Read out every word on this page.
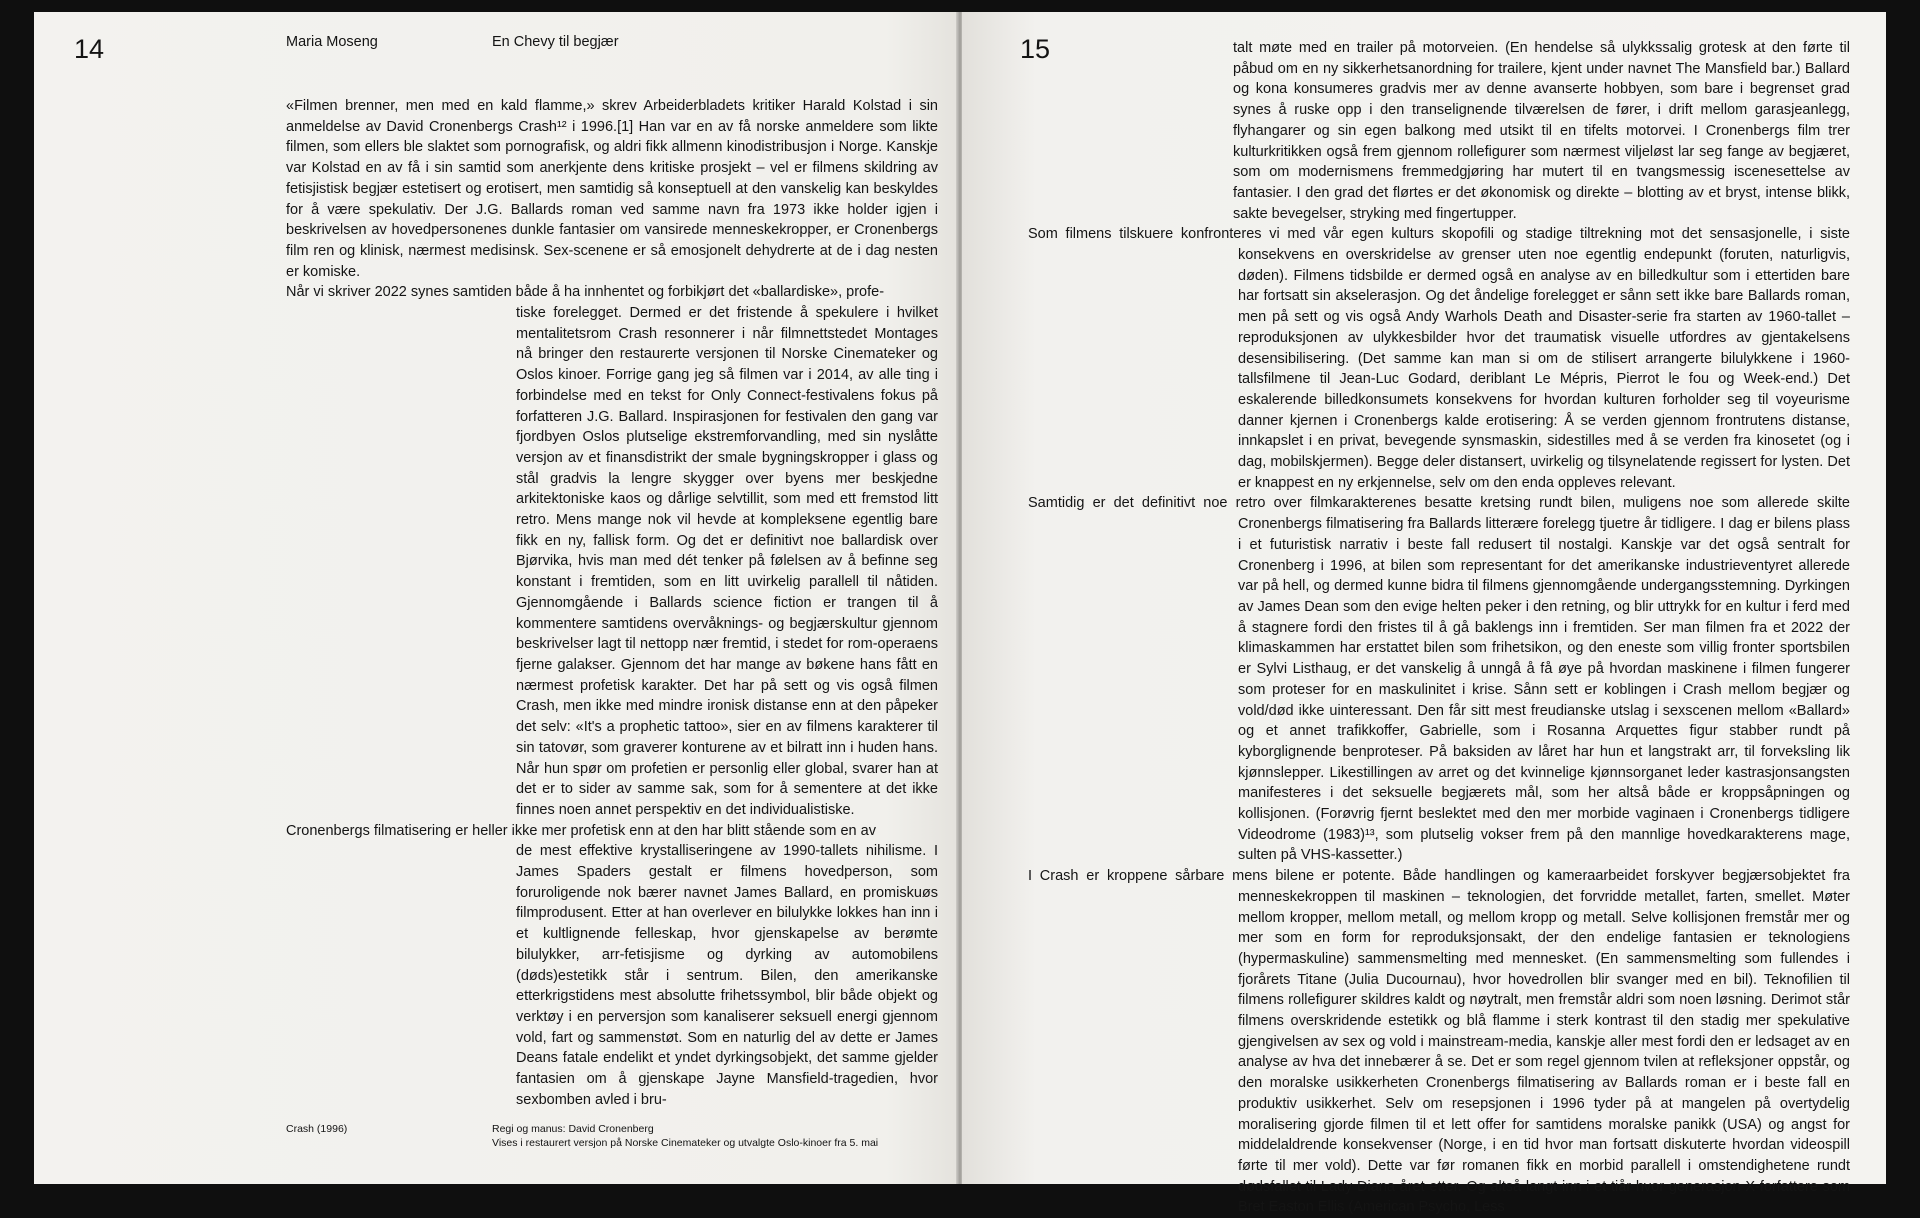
14	Maria Moseng	En Chevy til begjær

«Filmen brenner, men med en kald flamme,» skrev Arbeiderbladets kritiker Harald Kolstad i sin anmeldelse av David Cronenbergs Crash¹² i 1996.[1] Han var en av få norske anmeldere som likte filmen, som ellers ble slaktet som pornografisk, og aldri fikk allmenn kinodistribusjon i Norge. Kanskje var Kolstad en av få i sin samtid som anerkjente dens kritiske prosjekt – vel er filmens skildring av fetisjistisk begjær estetisert og erotisert, men samtidig så konseptuell at den vanskelig kan beskyldes for å være spekulativ. Der J.G. Ballards roman ved samme navn fra 1973 ikke holder igjen i beskrivelsen av hovedpersonenes dunkle fantasier om vansirede menneskekropper, er Cronenbergs film ren og klinisk, nærmest medisinsk. Sex-scenene er så emosjonelt dehydrerte at de i dag nesten er komiske.

Når vi skriver 2022 synes samtiden både å ha innhentet og forbikjørt det «ballardiske», profe-

tiske forelegget. Dermed er det fristende å spekulere i hvilket mentalitetsrom Crash resonnerer i når filmnettstedet Montages nå bringer den restaurerte versjonen til Norske Cinemateker og Oslos kinoer. Forrige gang jeg så filmen var i 2014, av alle ting i forbindelse med en tekst for Only Connect-festivalens fokus på forfatteren J.G. Ballard. Inspirasjonen for festivalen den gang var fjordbyen Oslos plutselige ekstremforvandling, med sin nyslåtte versjon av et finansdistrikt der smale bygningskropper i glass og stål gradvis la lengre skygger over byens mer beskjedne arkitektoniske kaos og dårlige selvtillit, som med ett fremstod litt retro. Mens mange nok vil hevde at kompleksene egentlig bare fikk en ny, fallisk form. Og det er definitivt noe ballardisk over Bjørvika, hvis man med dét tenker på følelsen av å befinne seg konstant i fremtiden, som en litt uvirkelig parallell til nåtiden. Gjennomgående i Ballards science fiction er trangen til å kommentere samtidens overvåknings- og begjærskultur gjennom beskrivelser lagt til nettopp nær fremtid, i stedet for rom-operaens fjerne galakser. Gjennom det har mange av bøkene hans fått en nærmest profetisk karakter. Det har på sett og vis også filmen Crash, men ikke med mindre ironisk distanse enn at den påpeker det selv: «It's a prophetic tattoo», sier en av filmens karakterer til sin tatovør, som graverer konturene av et bilratt inn i huden hans. Når hun spør om profetien er personlig eller global, svarer han at det er to sider av samme sak, som for å sementere at det ikke finnes noen annet perspektiv en det individualistiske.

Cronenbergs filmatisering er heller ikke mer profetisk enn at den har blitt stående som en av

de mest effektive krystalliseringene av 1990-tallets nihilisme. I James Spaders gestalt er filmens hovedperson, som foruroligende nok bærer navnet James Ballard, en promiskuøs filmprodusent. Etter at han overlever en bilulykke lokkes han inn i et kultlignende felleskap, hvor gjenskapelse av berømte bilulykker, arr-fetisjisme og dyrking av automobilens (døds)estetikk står i sentrum. Bilen, den amerikanske etterkrigstidens mest absolutte frihetssymbol, blir både objekt og verktøy i en perversjon som kanaliserer seksuell energi gjennom vold, fart og sammenstøt. Som en naturlig del av dette er James Deans fatale endelikt et yndet dyrkingsobjekt, det samme gjelder fantasien om å gjenskape Jayne Mansfield-tragedien, hvor sexbomben avled i bru-

Crash (1996)	Regi og manus: David Cronenberg
Vises i restaurert versjon på Norske Cinemateker og utvalgte Oslo-kinoer fra 5. mai
15	talt møte med en trailer på motorveien. (En hendelse så ulykkssalig grotesk at den førte til påbud om en ny sikkerhetsanordning for trailere, kjent under navnet The Mansfield bar.) Ballard og kona konsumeres gradvis mer av denne avanserte hobbyen, som bare i begrenset grad synes å ruske opp i den transelignende tilværelsen de fører, i drift mellom garasjeanlegg, flyhangarer og sin egen balkong med utsikt til en tifelts motorvei. I Cronenbergs film trer kulturkritikken også frem gjennom rollefigurer som nærmest viljeløst lar seg fange av begjæret, som om modernismens fremmedgjøring har mutert til en tvangsmessig iscenesettelse av fantasier. I den grad det flørtes er det økonomisk og direkte – blotting av et bryst, intense blikk, sakte bevegelser, stryking med fingertupper.

Som filmens tilskuere konfronteres vi med vår egen kulturs skopofili og stadige tiltrekning mot det sensasjonelle, i siste konsekvens en overskridelse av grenser uten noe egentlig endepunkt (foruten, naturligvis, døden). Filmens tidsbilde er dermed også en analyse av en billedkultur som i ettertiden bare har fortsatt sin akselerasjon. Og det åndelige forelegget er sånn sett ikke bare Ballards roman, men på sett og vis også Andy Warhols Death and Disaster-serie fra starten av 1960-tallet – reproduksjonen av ulykkesbilder hvor det traumatisk visuelle utfordres av gjentakelsens desensibilisering. (Det samme kan man si om de stilisert arrangerte bilulykkene i 1960-tallsfilmene til Jean-Luc Godard, deriblant Le Mépris, Pierrot le fou og Week-end.) Det eskalerende billedkonsumets konsekvens for hvordan kulturen forholder seg til voyeurisme danner kjernen i Cronenbergs kalde erotisering: Å se verden gjennom frontrutens distanse, innkapslet i en privat, bevegende synsmaskin, sidestilles med å se verden fra kinosetet (og i dag, mobilskjermen). Begge deler distansert, uvirkelig og tilsynelatende regissert for lysten. Det er knappest en ny erkjennelse, selv om den enda oppleves relevant.

Samtidig er det definitivt noe retro over filmkarakterenes besatte kretsing rundt bilen, muligens noe som allerede skilte Cronenbergs filmatisering fra Ballards litterære forelegg tjuetre år tidligere. I dag er bilens plass i et futuristisk narrativ i beste fall redusert til nostalgi. Kanskje var det også sentralt for Cronenberg i 1996, at bilen som representant for det amerikanske industrieventyret allerede var på hell, og dermed kunne bidra til filmens gjennomgående undergangsstemning. Dyrkingen av James Dean som den evige helten peker i den retning, og blir uttrykk for en kultur i ferd med å stagnere fordi den fristes til å gå baklengs inn i fremtiden. Ser man filmen fra et 2022 der klimaskammen har erstattet bilen som frihetsikon, og den eneste som villig fronter sportsbilen er Sylvi Listhaug, er det vanskelig å unngå å få øye på hvordan maskinene i filmen fungerer som proteser for en maskulinitet i krise. Sånn sett er koblingen i Crash mellom begjær og vold/død ikke uinteressant. Den får sitt mest freudianske utslag i sexscenen mellom «Ballard» og et annet trafikkoffer, Gabrielle, som i Rosanna Arquettes figur stabber rundt på kyborglignende benproteser. På baksiden av låret har hun et langstrakt arr, til forveksling lik kjønnslepper. Likestillingen av arret og det kvinnelige kjønnsorganet leder kastrasjonsangsten manifesteres i det seksuelle begjærets mål, som her altså både er kroppsåpningen og kollisjonen. (Forøvrig fjernt beslektet med den mer morbide vaginaen i Cronenbergs tidligere Videodrome (1983)¹³, som plutselig vokser frem på den mannlige hovedkarakterens mage, sulten på VHS-kassetter.)

I Crash er kroppene sårbare mens bilene er potente. Både handlingen og kameraarbeidet forskyver begjærsobjektet fra menneskekroppen til maskinen – teknologien, det forvridde metallet, farten, smellet. Møter mellom kropper, mellom metall, og mellom kropp og metall. Selve kollisjonen fremstår mer og mer som en form for reproduksjonsakt, der den endelige fantasien er teknologiens (hypermaskuline) sammensmelting med mennesket. (En sammensmelting som fullendes i fjorårets Titane (Julia Ducournau), hvor hovedrollen blir svanger med en bil). Teknofilien til filmens rollefigurer skildres kaldt og nøytralt, men fremstår aldri som noen løsning. Derimot står filmens overskridende estetikk og blå flamme i sterk kontrast til den stadig mer spekulative gjengivelsen av sex og vold i mainstream-media, kanskje aller mest fordi den er ledsaget av en analyse av hva det innebærer å se. Det er som regel gjennom tvilen at refleksjoner oppstår, og den moralske usikkerheten Cronenbergs filmatisering av Ballards roman er i beste fall en produktiv usikkerhet. Selv om resepsjonen i 1996 tyder på at mangelen på overtydelig moralisering gjorde filmen til et lett offer for samtidens moralske panikk (USA) og angst for middelaldrende konsekvenser (Norge, i en tid hvor man fortsatt diskuterte hvordan videospill førte til mer vold). Dette var før romanen fikk en morbid parallell i omstendighetene rundt dødsfallet til Lady Diana året etter. Og altså langt inn i et tiår hvor generasjon X-forfattere som Bret Easton Ellis (American Psycho, Less
